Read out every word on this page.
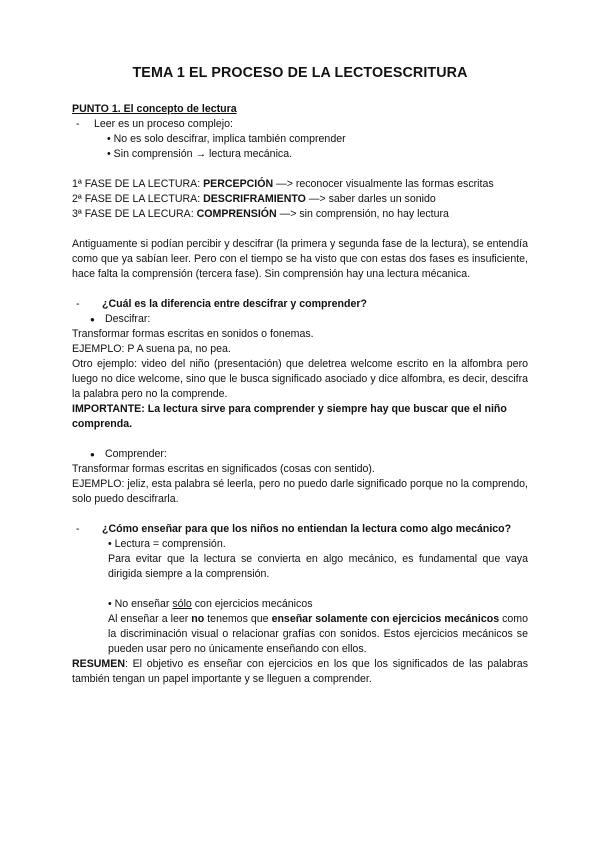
TEMA 1 EL PROCESO DE LA LECTOESCRITURA

PUNTO 1. El concepto de lectura

-	Leer es un proceso complejo:

• No es solo descifrar, implica también comprender

• Sin comprensión → lectura mecánica.

1ª FASE DE LA LECTURA: PERCEPCIÓN —> reconocer visualmente las formas escritas

2ª FASE DE LA LECTURA: DESCRIFRAMIENTO —> saber darles un sonido

3ª FASE DE LA LECURA: COMPRENSIÓN —> sin comprensión, no hay lectura

Antiguamente si podían percibir y descifrar (la primera y segunda fase de la lectura), se entendía como que ya sabían leer. Pero con el tiempo se ha visto que con estas dos fases es insuficiente, hace falta la comprensión (tercera fase). Sin comprensión hay una lectura mécanica.

-	¿Cuál es la diferencia entre descifrar y comprender?
● Descifrar:

Transformar formas escritas en sonidos o fonemas.

EJEMPLO: P A suena pa, no pea.

Otro ejemplo: video del niño (presentación) que deletrea welcome escrito en la alfombra pero luego no dice welcome, sino que le busca significado asociado y dice alfombra, es decir, descifra la palabra pero no la comprende.

IMPORTANTE: La lectura sirve para comprender y siempre hay que buscar que el niño comprenda.

● Comprender:

Transformar formas escritas en significados (cosas con sentido).

EJEMPLO: jeliz, esta palabra sé leerla, pero no puedo darle significado porque no la comprendo, solo puedo descifrarla.

-	¿Cómo enseñar para que los niños no entiendan la lectura como algo mecánico?

• Lectura = comprensión.

Para evitar que la lectura se convierta en algo mecánico, es fundamental que vaya dirigida siempre a la comprensión.

• No enseñar sólo con ejercicios mecánicos

Al enseñar a leer no tenemos que enseñar solamente con ejercicios mecánicos como la discriminación visual o relacionar grafías con sonidos. Estos ejercicios mecánicos se pueden usar pero no únicamente enseñando con ellos.

RESUMEN: El objetivo es enseñar con ejercicios en los que los significados de las palabras también tengan un papel importante y se lleguen a comprender.
